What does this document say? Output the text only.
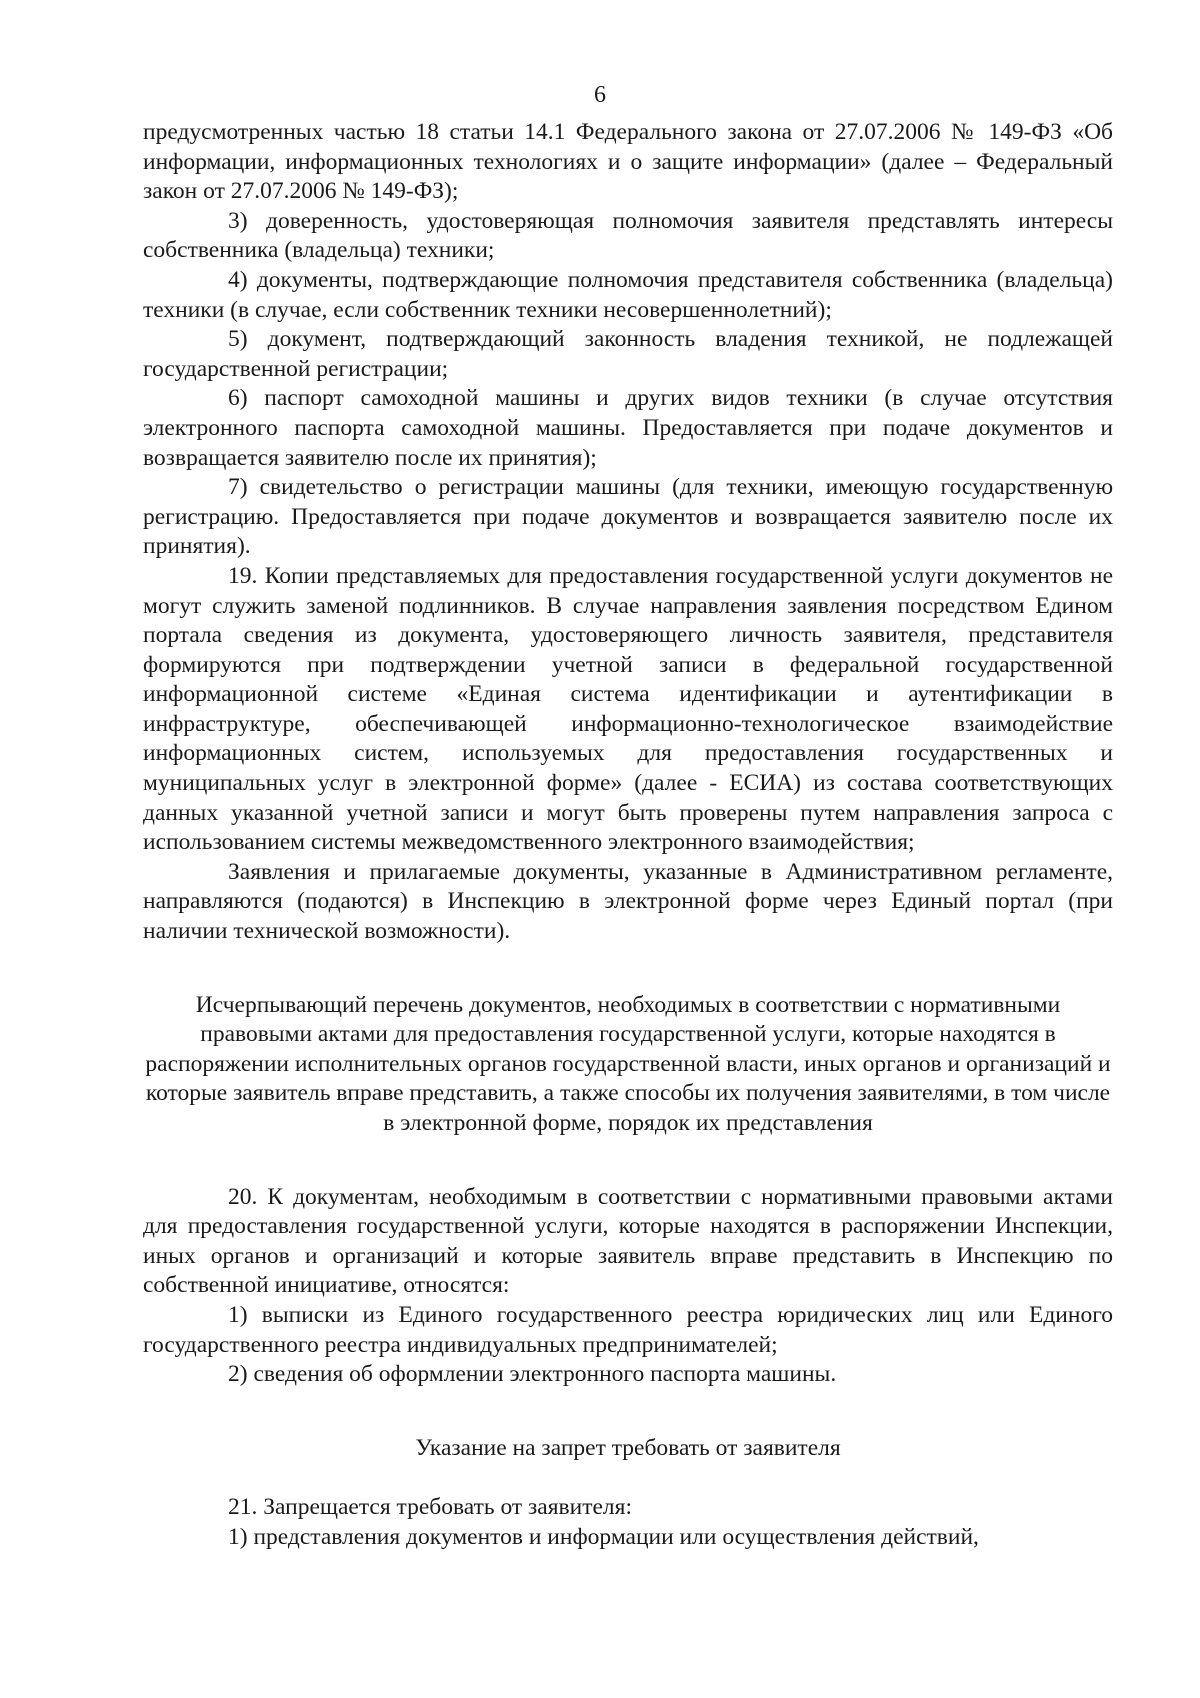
6

предусмотренных частью 18 статьи 14.1 Федерального закона от 27.07.2006 № 149-ФЗ «Об информации, информационных технологиях и о защите информации» (далее – Федеральный закон от 27.07.2006 № 149-ФЗ);

3) доверенность, удостоверяющая полномочия заявителя представлять интересы собственника (владельца) техники;

4) документы, подтверждающие полномочия представителя собственника (владельца) техники (в случае, если собственник техники несовершеннолетний);

5) документ, подтверждающий законность владения техникой, не подлежащей государственной регистрации;

6) паспорт самоходной машины и других видов техники (в случае отсутствия электронного паспорта самоходной машины. Предоставляется при подаче документов и возвращается заявителю после их принятия);

7) свидетельство о регистрации машины (для техники, имеющую государственную регистрацию. Предоставляется при подаче документов и возвращается заявителю после их принятия).

19. Копии представляемых для предоставления государственной услуги документов не могут служить заменой подлинников. В случае направления заявления посредством Едином портала сведения из документа, удостоверяющего личность заявителя, представителя формируются при подтверждении учетной записи в федеральной государственной информационной системе «Единая система идентификации и аутентификации в инфраструктуре, обеспечивающей информационно-технологическое взаимодействие информационных систем, используемых для предоставления государственных и муниципальных услуг в электронной форме» (далее - ЕСИА) из состава соответствующих данных указанной учетной записи и могут быть проверены путем направления запроса с использованием системы межведомственного электронного взаимодействия;

Заявления и прилагаемые документы, указанные в Административном регламенте, направляются (подаются) в Инспекцию в электронной форме через Единый портал (при наличии технической возможности).

Исчерпывающий перечень документов, необходимых в соответствии с нормативными правовыми актами для предоставления государственной услуги, которые находятся в распоряжении исполнительных органов государственной власти, иных органов и организаций и которые заявитель вправе представить, а также способы их получения заявителями, в том числе в электронной форме, порядок их представления

20. К документам, необходимым в соответствии с нормативными правовыми актами для предоставления государственной услуги, которые находятся в распоряжении Инспекции, иных органов и организаций и которые заявитель вправе представить в Инспекцию по собственной инициативе, относятся:

1) выписки из Единого государственного реестра юридических лиц или Единого государственного реестра индивидуальных предпринимателей;

2) сведения об оформлении электронного паспорта машины.

Указание на запрет требовать от заявителя

21. Запрещается требовать от заявителя:

1) представления документов и информации или осуществления действий,
